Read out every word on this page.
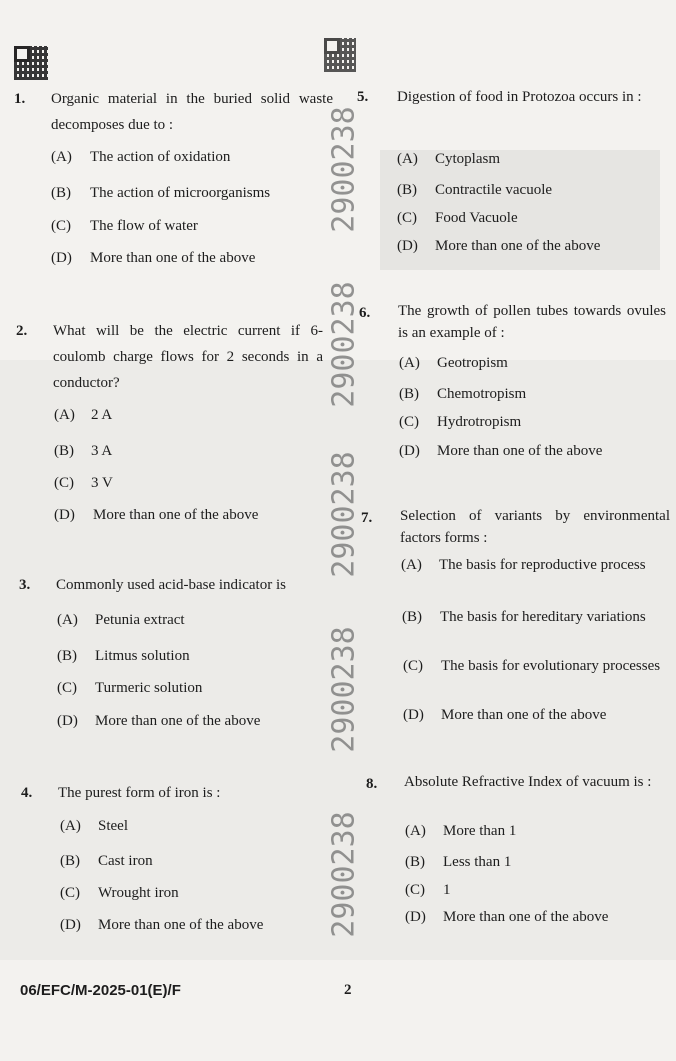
2900238
2900238
2900238
2900238
2900238
1. Organic material in the buried solid waste decomposes due to :
(A) The action of oxidation
(B) The action of microorganisms
(C) The flow of water
(D) More than one of the above
2. What will be the electric current if 6-coulomb charge flows for 2 seconds in a conductor?
(A) 2 A
(B) 3 A
(C) 3 V
(D) More than one of the above
3. Commonly used acid-base indicator is
(A) Petunia extract
(B) Litmus solution
(C) Turmeric solution
(D) More than one of the above
4. The purest form of iron is :
(A) Steel
(B) Cast iron
(C) Wrought iron
(D) More than one of the above
5. Digestion of food in Protozoa occurs in :
(A) Cytoplasm
(B) Contractile vacuole
(C) Food Vacuole
(D) More than one of the above
6. The growth of pollen tubes towards ovules is an example of :
(A) Geotropism
(B) Chemotropism
(C) Hydrotropism
(D) More than one of the above
7. Selection of variants by environmental factors forms :
(A) The basis for reproductive process
(B) The basis for hereditary variations
(C) The basis for evolutionary processes
(D) More than one of the above
8. Absolute Refractive Index of vacuum is :
(A) More than 1
(B) Less than 1
(C) 1
(D) More than one of the above
06/EFC/M-2025-01(E)/F	2
